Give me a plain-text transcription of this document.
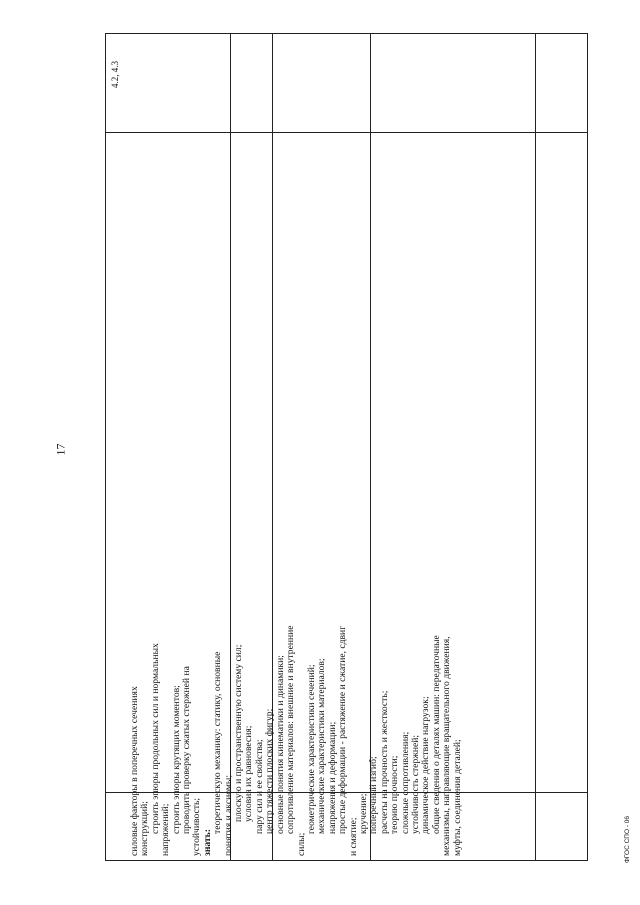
17
4.2, 4.3
силовые факторы в поперечных сечениях конструкций; строить эпюры продольных сил и нормальных напряжений; строить эпюры крутящих моментов; проводить проверку сжатых стержней на устойчивость; знать:
теоретическую механику: статику, основные понятия и аксиомы; плоскую и пространственную систему сил; условия их равновесия; пару сил и ее свойства; центр тяжести плоских фигур; основные понятия кинематики и динамики; сопротивление материалов: внешние и внутренние
силы;
геометрические характеристики сечений; механические характеристики материалов; напряжения и деформации; простые деформации - растяжение и сжатие, сдвиг
и смятие;
кручение; поперечный изгиб; расчеты на прочность и жесткость; теорию прочности; сложные сопротивления; устойчивость стержней; динамическое действие нагрузок; общие сведения о деталях машин: передаточные механизмы, направляющие вращательного движения, муфты, соединения деталей;	ФГОС СПО - 06
